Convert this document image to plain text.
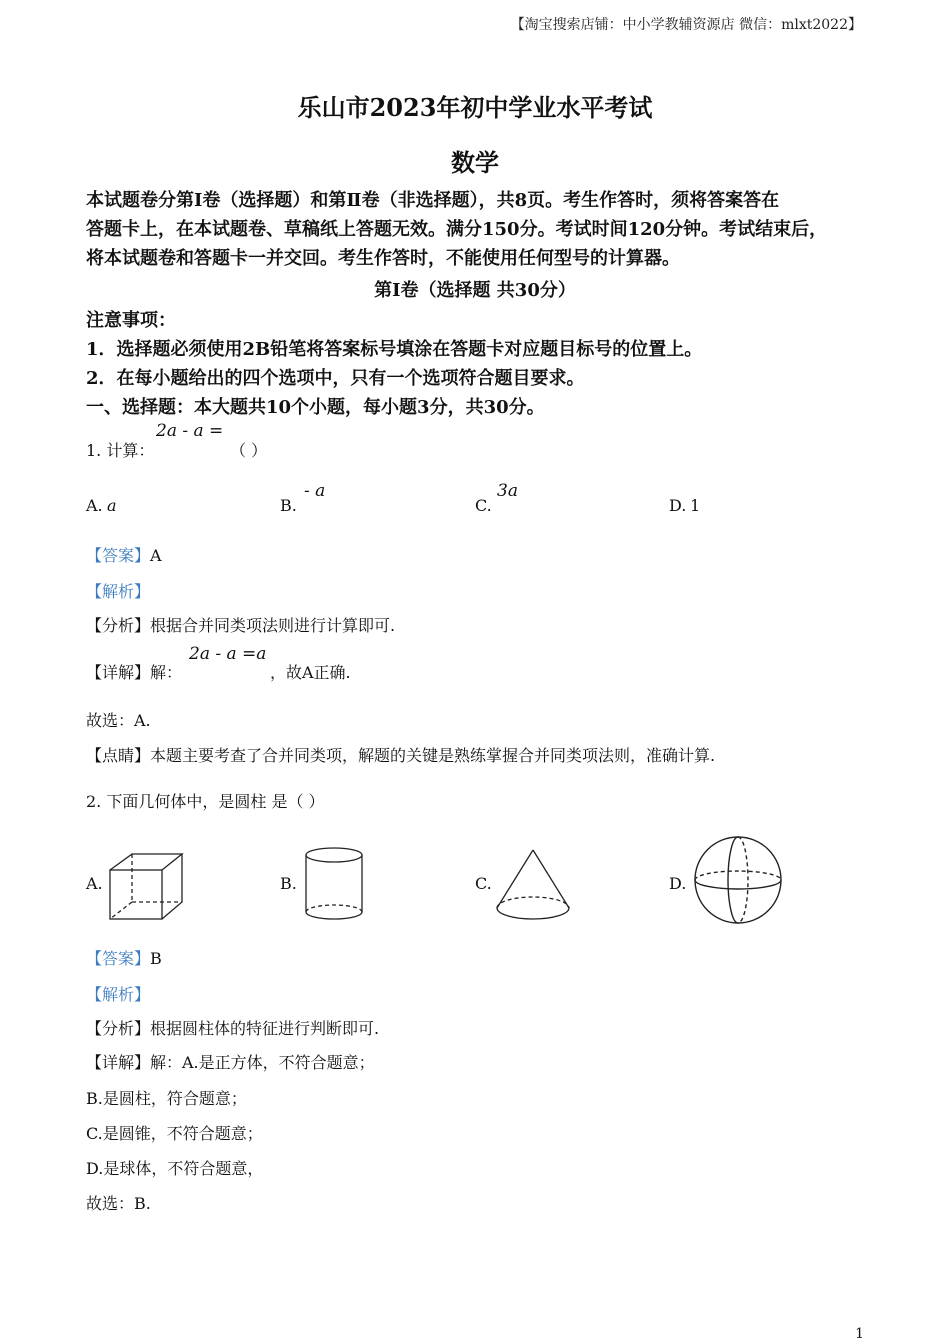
【淘宝搜索店铺：中小学教辅资源店 微信：mlxt2022】
乐山市2023年初中学业水平考试
数学
本试题卷分第Ⅰ卷（选择题）和第Ⅱ卷（非选择题），共8页。考生作答时，须将答案答在
答题卡上，在本试题卷、草稿纸上答题无效。满分150分。考试时间120分钟。考试结束后，
将本试题卷和答题卡一并交回。考生作答时，不能使用任何型号的计算器。
第Ⅰ卷（选择题 共30分）
注意事项：
1．选择题必须使用2B铅笔将答案标号填涂在答题卡对应题目标号的位置上。
2．在每小题给出的四个选项中，只有一个选项符合题目要求。
一、选择题：本大题共10个小题，每小题3分，共30分。
1. 计算：
2a - a =
（ ）
A. a	B.
- a
C.
3a
D. 1
【答案】A
【解析】
【分析】根据合并同类项法则进行计算即可.
【详解】解：
2a - a =a
，故A正确.
故选：A.
【点睛】本题主要考查了合并同类项，解题的关键是熟练掌握合并同类项法则，准确计算.
2. 下面几何体中，是圆柱 是（ ）
A.	B.	C.	D.
【答案】B
【解析】
【分析】根据圆柱体的特征进行判断即可.
【详解】解：A.是正方体，不符合题意；
B.是圆柱，符合题意；
C.是圆锥，不符合题意；
D.是球体，不符合题意，
故选：B.
1
